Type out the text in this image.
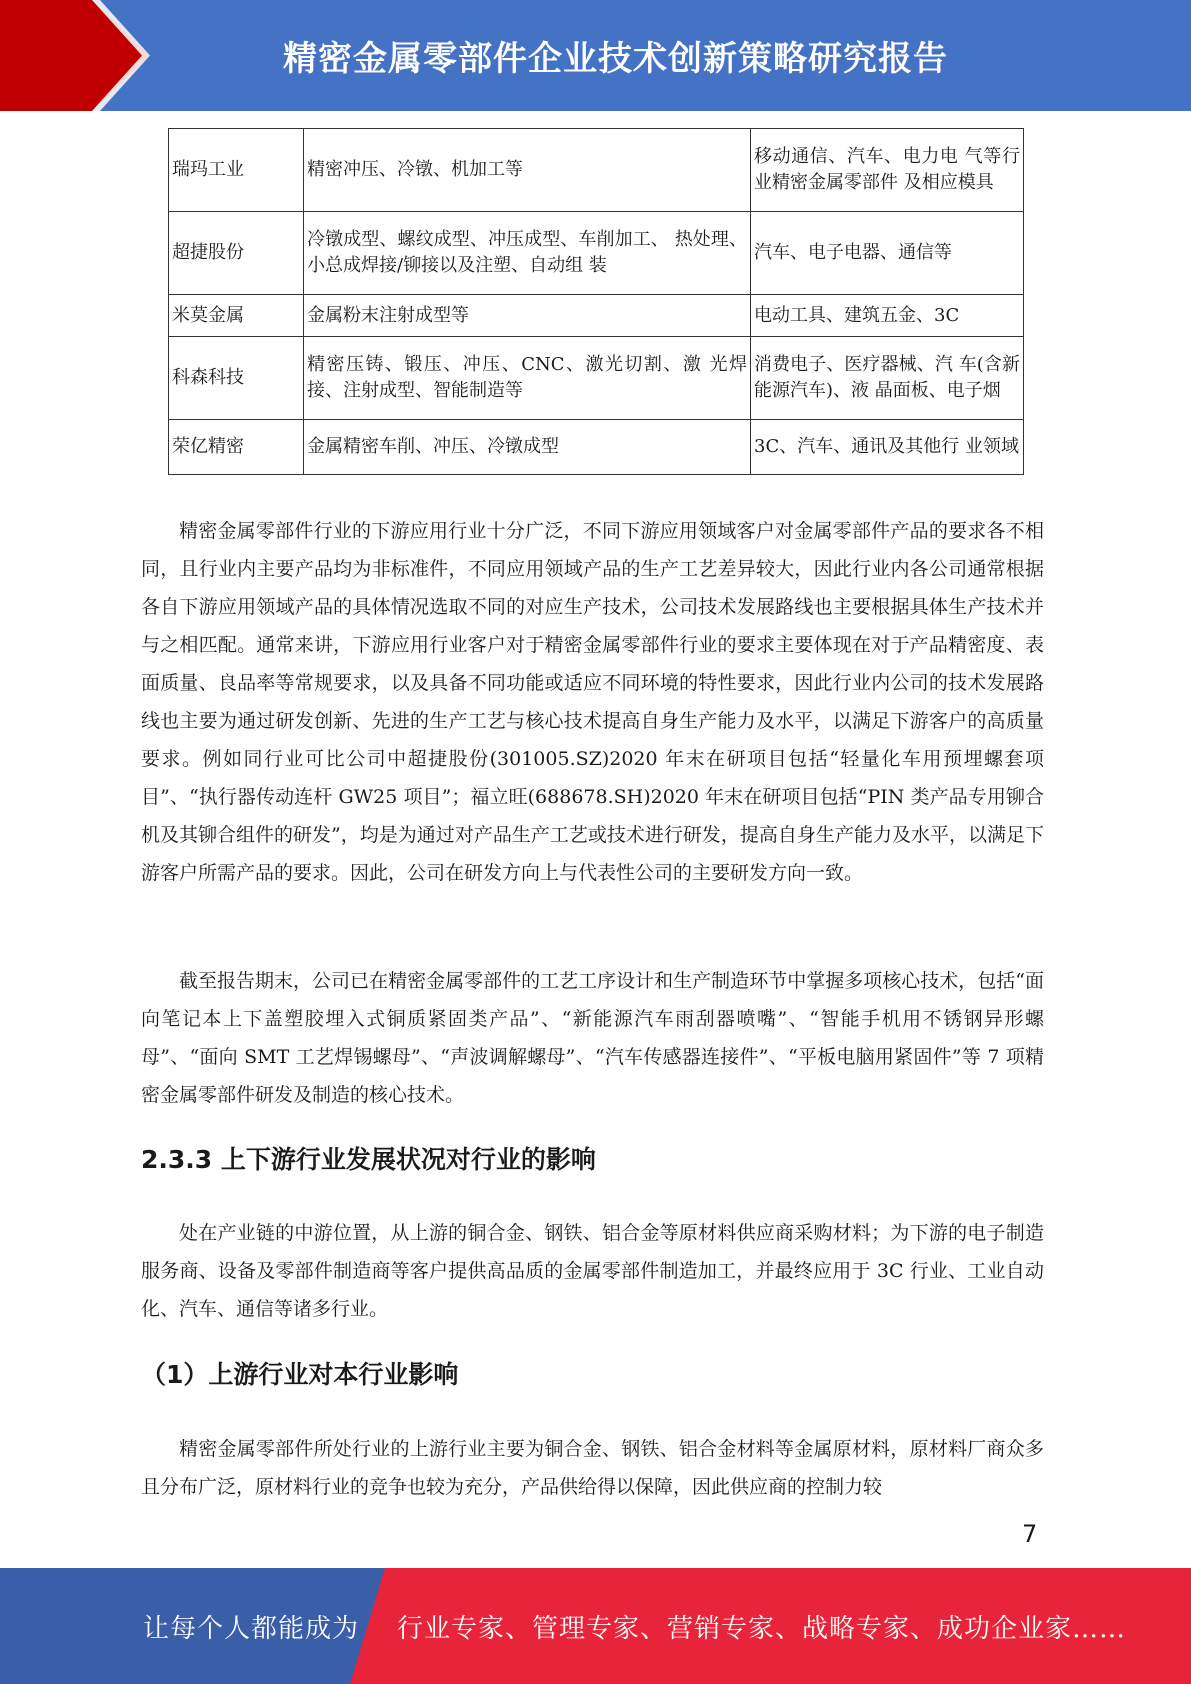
精密金属零部件企业技术创新策略研究报告
瑞玛工业	精密冲压、冷镦、机加工等	移动通信、汽车、电力电 气等行业精密金属零部件 及相应模具
超捷股份	冷镦成型、螺纹成型、冲压成型、车削加工、 热处理、小总成焊接/铆接以及注塑、自动组 装	汽车、电子电器、通信等
米莫金属	金属粉末注射成型等	电动工具、建筑五金、3C
科森科技	精密压铸、锻压、冲压、CNC、激光切割、激 光焊接、注射成型、智能制造等	消费电子、医疗器械、汽 车(含新能源汽车)、液 晶面板、电子烟
荣亿精密	金属精密车削、冲压、冷镦成型	3C、汽车、通讯及其他行 业领域

精密金属零部件行业的下游应用行业十分广泛，不同下游应用领域客户对金属零部件产品的要求各不相同，且行业内主要产品均为非标准件，不同应用领域产品的生产工艺差异较大，因此行业内各公司通常根据各自下游应用领域产品的具体情况选取不同的对应生产技术，公司技术发展路线也主要根据具体生产技术并与之相匹配。通常来讲，下游应用行业客户对于精密金属零部件行业的要求主要体现在对于产品精密度、表面质量、良品率等常规要求，以及具备不同功能或适应不同环境的特性要求，因此行业内公司的技术发展路线也主要为通过研发创新、先进的生产工艺与核心技术提高自身生产能力及水平，以满足下游客户的高质量要求。例如同行业可比公司中超捷股份(301005.SZ)2020 年末在研项目包括“轻量化车用预埋螺套项目”、“执行器传动连杆 GW25 项目”；福立旺(688678.SH)2020 年末在研项目包括“PIN 类产品专用铆合机及其铆合组件的研发”，均是为通过对产品生产工艺或技术进行研发，提高自身生产能力及水平，以满足下游客户所需产品的要求。因此，公司在研发方向上与代表性公司的主要研发方向一致。

截至报告期末，公司已在精密金属零部件的工艺工序设计和生产制造环节中掌握多项核心技术，包括“面向笔记本上下盖塑胶埋入式铜质紧固类产品”、“新能源汽车雨刮器喷嘴”、“智能手机用不锈钢异形螺母”、“面向 SMT 工艺焊锡螺母”、“声波调解螺母”、“汽车传感器连接件”、“平板电脑用紧固件”等 7 项精密金属零部件研发及制造的核心技术。

2.3.3 上下游行业发展状况对行业的影响

处在产业链的中游位置，从上游的铜合金、钢铁、铝合金等原材料供应商采购材料；为下游的电子制造服务商、设备及零部件制造商等客户提供高品质的金属零部件制造加工，并最终应用于 3C 行业、工业自动化、汽车、通信等诸多行业。

（1）上游行业对本行业影响

精密金属零部件所处行业的上游行业主要为铜合金、钢铁、铝合金材料等金属原材料，原材料厂商众多且分布广泛，原材料行业的竞争也较为充分，产品供给得以保障，因此供应商的控制力较

7
让每个人都能成为 行业专家、管理专家、营销专家、战略专家、成功企业家……
